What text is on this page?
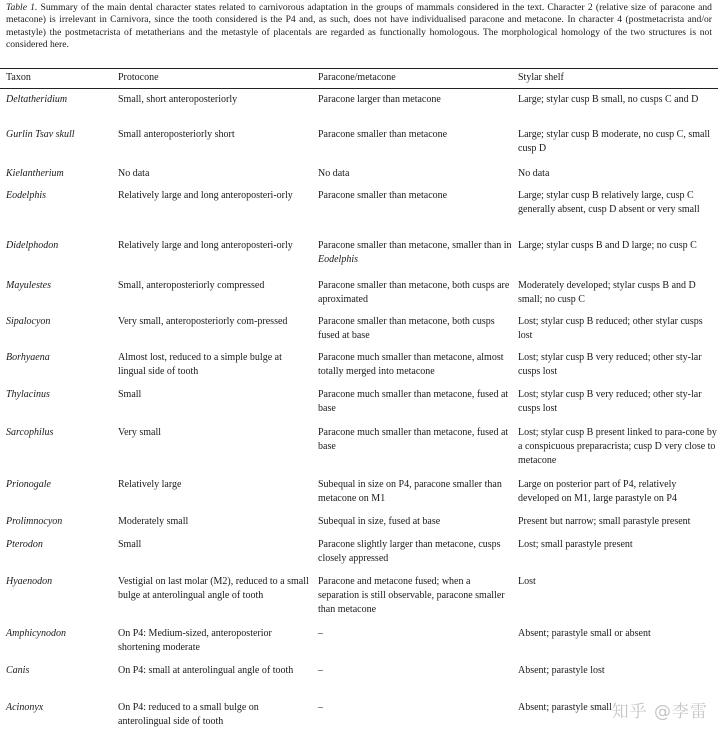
Table 1. Summary of the main dental character states related to carnivorous adaptation in the groups of mammals considered in the text. Character 2 (relative size of paracone and metacone) is irrelevant in Carnivora, since the tooth considered is the P4 and, as such, does not have individualised paracone and metacone. In character 4 (postmetacrista and/or metastyle) the postmetacrista of metatherians and the metastyle of placentals are regarded as functionally homologous. The morphological homology of the two structures is not considered here.
Taxon	Protocone	Paracone/metacone	Stylar shelf
Deltatheridium	Small, short anteroposteriorly	Paracone larger than metacone	Large; stylar cusp B small, no cusps C and D
Gurlin Tsav skull	Small anteroposteriorly short	Paracone smaller than metacone	Large; stylar cusp B moderate, no cusp C, small cusp D
Kielantherium	No data	No data	No data
Eodelphis	Relatively large and long anteroposteri-orly	Paracone smaller than metacone	Large; stylar cusp B relatively large, cusp C generally absent, cusp D absent or very small
Didelphodon	Relatively large and long anteroposteri-orly	Paracone smaller than metacone, smaller than in Eodelphis	Large; stylar cusps B and D large; no cusp C
Mayulestes	Small, anteroposteriorly compressed	Paracone smaller than metacone, both cusps are aproximated	Moderately developed; stylar cusps B and D small; no cusp C
Sipalocyon	Very small, anteroposteriorly com-pressed	Paracone smaller than metacone, both cusps fused at base	Lost; stylar cusp B reduced; other stylar cusps lost
Borhyaena	Almost lost, reduced to a simple bulge at lingual side of tooth	Paracone much smaller than metacone, almost totally merged into metacone	Lost; stylar cusp B very reduced; other sty-lar cusps lost
Thylacinus	Small	Paracone much smaller than metacone, fused at base	Lost; stylar cusp B very reduced; other sty-lar cusps lost
Sarcophilus	Very small	Paracone much smaller than metacone, fused at base	Lost; stylar cusp B present linked to para-cone by a conspicuous preparacrista; cusp D very close to metacone
Prionogale	Relatively large	Subequal in size on P4, paracone smaller than metacone on M1	Large on posterior part of P4, relatively developed on M1, large parastyle on P4
Prolimnocyon	Moderately small	Subequal in size, fused at base	Present but narrow; small parastyle present
Pterodon	Small	Paracone slightly larger than metacone, cusps closely appressed	Lost; small parastyle present
Hyaenodon	Vestigial on last molar (M2), reduced to a small bulge at anterolingual angle of tooth	Paracone and metacone fused; when a separation is still observable, paracone smaller than metacone	Lost
Amphicynodon	On P4: Medium-sized, anteroposterior shortening moderate	–	Absent; parastyle small or absent
Canis	On P4: small at anterolingual angle of tooth	–	Absent; parastyle lost
Acinonyx	On P4: reduced to a small bulge on anterolingual side of tooth	–	Absent; parastyle small 知乎 @李雷
